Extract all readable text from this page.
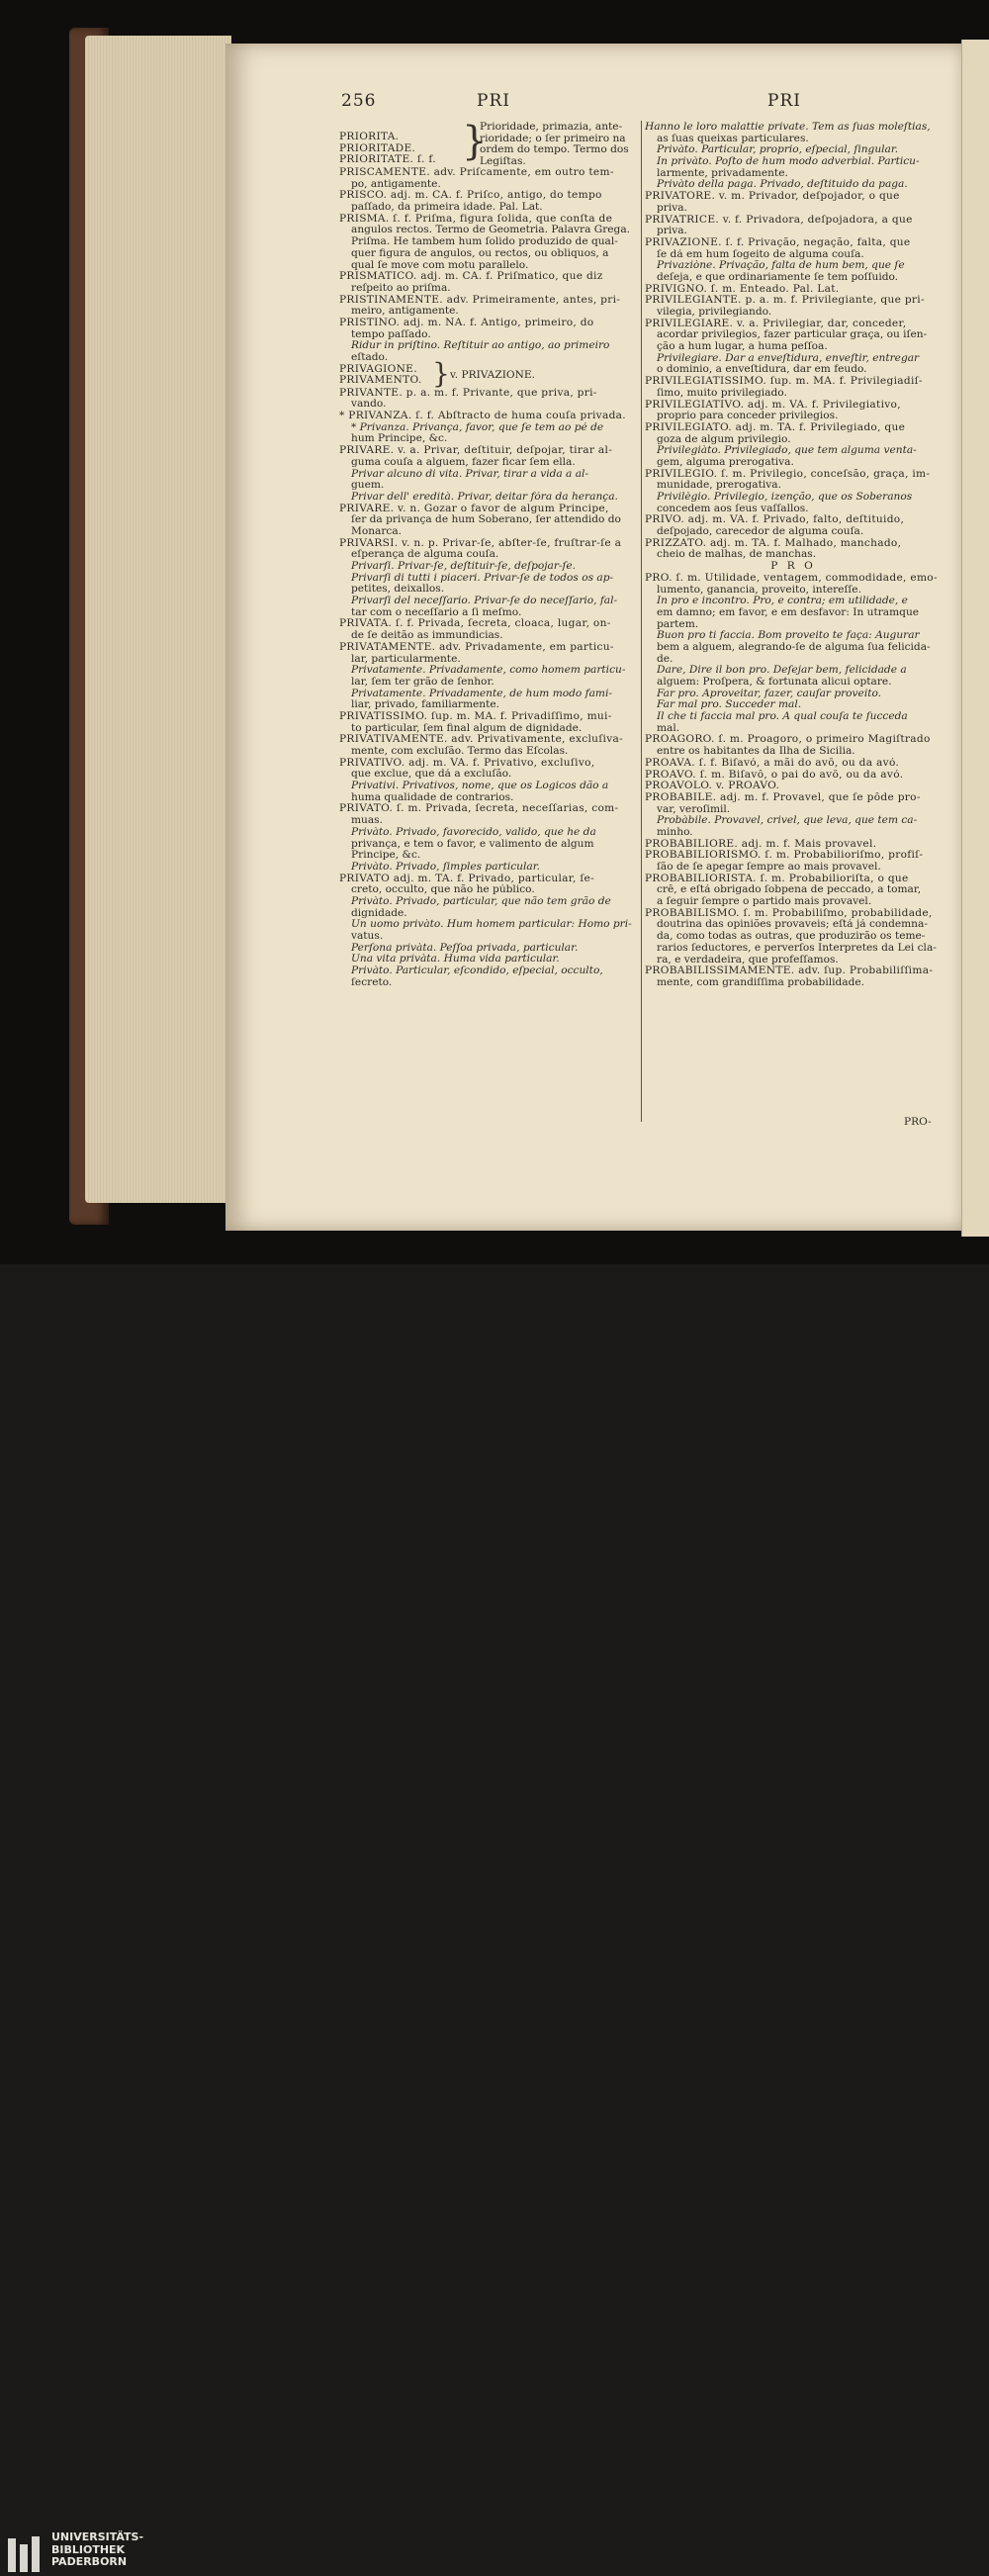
256	PRI	PRI
PRIORITÀ.
PRIORITADE.
PRIORITATE. ſ. f. }
Prioridade, primazia, ante-
rioridade; o ſer primeiro na
ordem do tempo. Termo dos
Legiſtas.
PRISCAMENTE. adv. Priſcamente, em outro tem-
po, antigamente.
PRISCO. adj. m. CA. f. Priſco, antigo, do tempo
paſſado, da primeira idade. Pal. Lat.
PRISMA. ſ. f. Priſma, figura ſolida, que conſta de
angulos rectos. Termo de Geometria. Palavra Grega.
Priſma. He tambem hum ſolido produzido de qual-
quer figura de angulos, ou rectos, ou obliquos, a
qual ſe move com motu parallelo.
PRISMÀTICO. adj. m. CA. f. Priſmatico, que diz
reſpeito ao priſma.
PRISTINAMENTE. adv. Primeiramente, antes, pri-
meiro, antigamente.
PRISTINO. adj. m. NA. f. Antigo, primeiro, do
tempo paſſado.
Ridur in priſtino. Reſtituir ao antigo, ao primeiro
eſtado.
PRIVAGIÒNE.
PRIVAMENTO. } v. PRIVAZIONE.
PRIVANTE. p. a. m. f. Privante, que priva, pri-
vando.
* PRIVANZA. ſ. f. Abſtracto de huma couſa privada.
* Privanza. Privança, favor, que ſe tem ao pé de
hum Principe, &c.
PRIVARE. v. a. Privar, deſtituir, deſpojar, tirar al-
guma couſa a alguem, fazer ficar ſem ella.
Privar alcuno di vita. Privar, tirar a vida a al-
guem.
Privar dell' eredità. Privar, deitar fóra da herança.
PRIVARE. v. n. Gozar o favor de algum Principe,
ſer da privança de hum Soberano, ſer attendido do
Monarca.
PRIVARSI. v. n. p. Privar-ſe, abſter-ſe, fruſtrar-ſe a
eſperança de alguma couſa.
Privarſi. Privar-ſe, deſtituir-ſe, deſpojar-ſe.
Privarſi di tutti i piaceri. Privar-ſe de todos os ap-
petites, deixallos.
Privarſi del neceſſario. Privar-ſe do neceſſario, fal-
tar com o neceſſario a ſi meſmo.
PRIVÀTA. ſ. f. Privada, ſecreta, cloaca, lugar, on-
de ſe deitão as immundicias.
PRIVATAMENTE. adv. Privadamente, em particu-
lar, particularmente.
Privatamente. Privadamente, como homem particu-
lar, ſem ter grão de ſenhor.
Privatamente. Privadamente, de hum modo fami-
liar, privado, familiarmente.
PRIVATISSIMO. ſup. m. MA. f. Privadiſſimo, mui-
to particular, ſem final algum de dignidade.
PRIVATIVAMENTE. adv. Privativamente, excluſiva-
mente, com excluſão. Termo das Eſcolas.
PRIVATIVO. adj. m. VA. f. Privativo, excluſivo,
que exclue, que dá a excluſão.
Privativi. Privativos, nome, que os Logicos dão a
huma qualidade de contrarios.
PRIVATO. ſ. m. Privada, ſecreta, neceſſarias, com-
muas.
Privàto. Privado, favorecido, valido, que he da
privança, e tem o favor, e valimento de algum
Principe, &c.
Privàto. Privado, ſimples particular.
PRIVÀTO adj. m. TA. f. Privado, particular, ſe-
creto, occulto, que não he público.
Privàto. Privado, particular, que não tem grão de
dignidade.
Un uomo privàto. Hum homem particular: Homo pri-
vatus.
Perſona privàta. Peſſoa privada, particular.
Una vita privàta. Huma vida particular.
Privàto. Particular, eſcondido, eſpecial, occulto,
ſecreto.
Hanno le loro malattie private. Tem as ſuas moleſtias,
as ſuas queixas particulares.
Privàto. Particular, proprio, eſpecial, ſingular.
In privàto. Poſto de hum modo adverbial. Particu-
larmente, privadamente.
Privàto della paga. Privado, deſtituido da paga.
PRIVATORE. v. m. Privador, deſpojador, o que
priva.
PRIVATRÌCE. v. f. Privadora, deſpojadora, a que
priva.
PRIVAZIÒNE. ſ. f. Privação, negação, falta, que
ſe dá em hum ſogeito de alguma couſa.
Privaziòne. Privação, falta de hum bem, que ſe
deſeja, e que ordinariamente ſe tem poſſuido.
PRIVIGNO. ſ. m. Enteado. Pal. Lat.
PRIVILEGIANTE. p. a. m. f. Privilegiante, que pri-
vilegia, privilegiando.
PRIVILEGIARE. v. a. Privilegiar, dar, conceder,
acordar privilegios, fazer particular graça, ou iſen-
ção a hum lugar, a huma peſſoa.
Privilegiare. Dar a enveſtidura, enveſtir, entregar
o dominio, a enveſtidura, dar em feudo.
PRIVILEGIATISSIMO. ſup. m. MA. f. Privilegiadiſ-
ſimo, muito privilegiado.
PRIVILEGIATÌVO. adj. m. VA. f. Privilegiativo,
proprio para conceder privilegios.
PRIVILEGIATO. adj. m. TA. f. Privilegiado, que
goza de algum privilegio.
Privilegiàto. Privilegiado, que tem alguma venta-
gem, alguma prerogativa.
PRIVILÈGIO. ſ. m. Privilegio, conceſsão, graça, im-
munidade, prerogativa.
Privilègio. Privilegio, izenção, que os Soberanos
concedem aos ſeus vaſſallos.
PRIVO. adj. m. VA. f. Privado, falto, deſtituido,
deſpojado, carecedor de alguma couſa.
PRIZZATO. adj. m. TA. f. Malhado, manchado,
cheio de malhas, de manchas.
P R O
PRO. ſ. m. Utilidade, ventagem, commodidade, emo-
lumento, ganancia, proveito, intereſſe.
In pro e incontro. Pro, e contra; em utilidade, e
em damno; em favor, e em desfavor: In utramque
partem.
Buon pro ti faccia. Bom proveito te faça: Augurar
bem a alguem, alegrando-ſe de alguma ſua felicida-
de.
Dare, Dire il bon pro. Deſejar bem, felicidade a
alguem: Proſpera, & fortunata alicui optare.
Far pro. Aproveitar, fazer, cauſar proveito.
Far mal pro. Succeder mal.
Il che ti faccia mal pro. A qual couſa te ſucceda
mal.
PROAGORO. ſ. m. Proagoro, o primeiro Magiſtrado
entre os habitantes da Ilha de Sicilia.
PRÒAVA. ſ. f. Biſavó, a mãi do avô, ou da avó.
PRÒAVO. ſ. m. Biſavô, o pai do avô, ou da avó.
PROÀVOLO. v. PRÒAVO.
PROBÀBILE. adj. m. f. Provavel, que ſe pôde pro-
var, veroſimil.
Probàbile. Provavel, crivel, que leva, que tem ca-
minho.
PROBABILIORE. adj. m. f. Mais provavel.
PROBABILIORISMO. ſ. m. Probabilioriſmo, profiſ-
ſão de ſe apegar ſempre ao mais provavel.
PROBABILIORISTA. ſ. m. Probabilioriſta, o que
crê, e eſtá obrigado ſobpena de peccado, a tomar,
a ſeguir ſempre o partido mais provavel.
PROBABILISMO. ſ. m. Probabiliſmo, probabilidade,
doutrina das opiniões provaveis; eſtá já condemna-
da, como todas as outras, que produzirão os teme-
rarios ſeductores, e perverſos Interpretes da Lei cla-
ra, e verdadeira, que profeſſamos.
PROBABILISSIMAMENTE. adv. ſup. Probabiliſſima-
mente, com grandiſſima probabilidade.
PRO-
UNIVERSITÄTS-
BIBLIOTHEK
PADERBORN
